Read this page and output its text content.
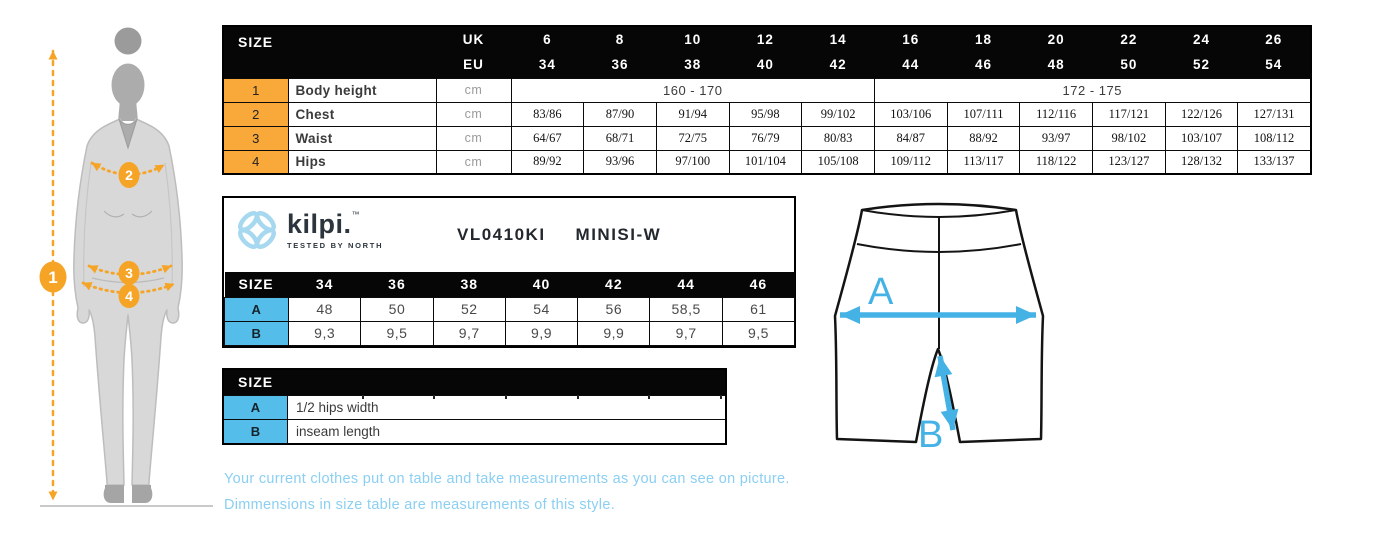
1
2
3
4
SIZE		UK	6	8	10	12	14	16	18	20	22	24	26
		EU	34	36	38	40	42	44	46	48	50	52	54
1	Body height	cm	160 - 170					172 - 175					
2	Chest	cm	83/86	87/90	91/94	95/98	99/102	103/106	107/111	112/116	117/121	122/126	127/131
3	Waist	cm	64/67	68/71	72/75	76/79	80/83	84/87	88/92	93/97	98/102	103/107	108/112
4	Hips	cm	89/92	93/96	97/100	101/104	105/108	109/112	113/117	118/122	123/127	128/132	133/137
kilpi.™
TESTED BY NORTH
VL0410KI MINISI-W
SIZE	34	36	38	40	42	44	46
A	48	50	52	54	56	58,5	61
B	9,3	9,5	9,7	9,9	9,9	9,7	9,5
SIZE
A	1/2 hips width
B	inseam length
A
B
Your current clothes put on table and take measurements as you can see on picture.
Dimmensions in size table are measurements of this style.
